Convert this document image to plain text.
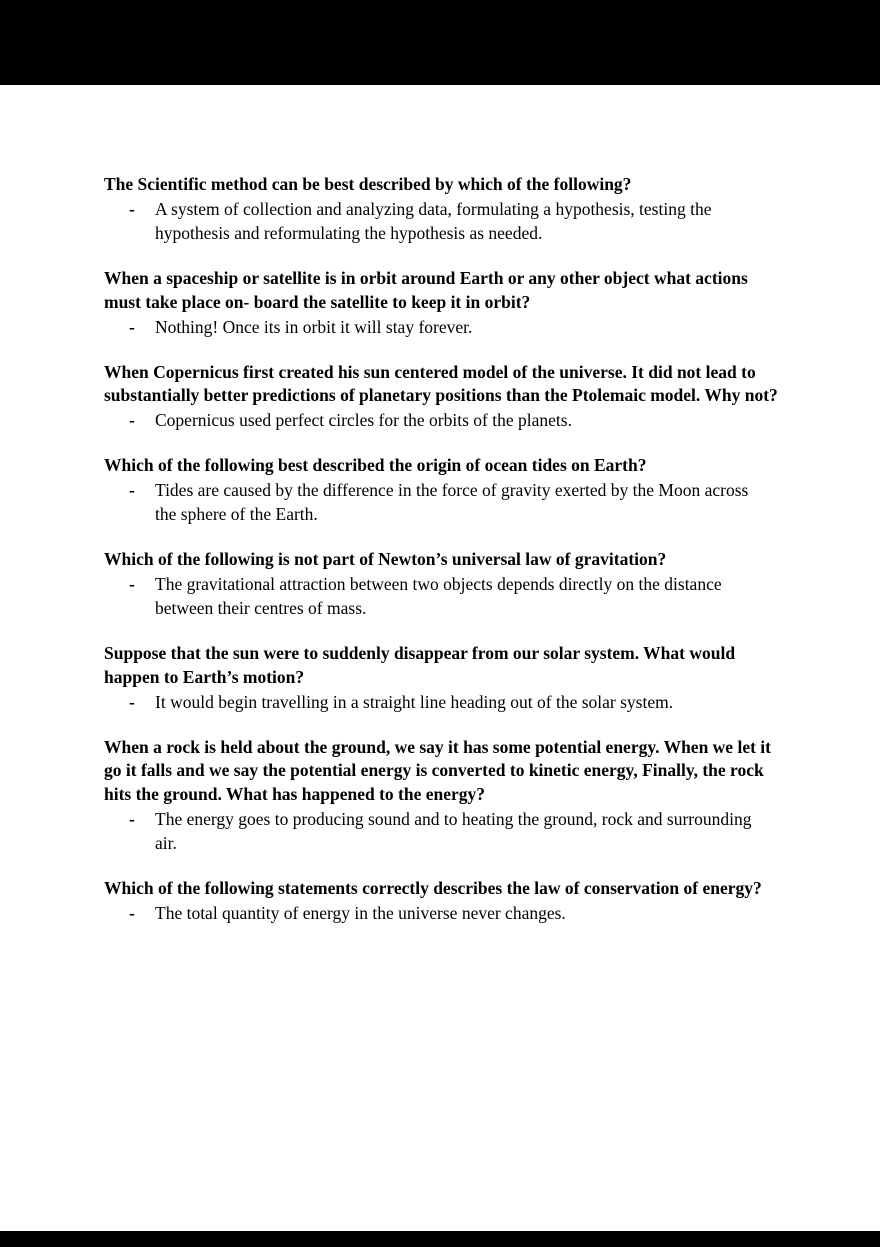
The Scientific method can be best described by which of the following?

-	A system of collection and analyzing data, formulating a hypothesis, testing the hypothesis and reformulating the hypothesis as needed.

When a spaceship or satellite is in orbit around Earth or any other object what actions must take place on- board the satellite to keep it in orbit?

-	Nothing! Once its in orbit it will stay forever.

When Copernicus first created his sun centered model of the universe. It did not lead to substantially better predictions of planetary positions than the Ptolemaic model. Why not?

-	Copernicus used perfect circles for the orbits of the planets.

Which of the following best described the origin of ocean tides on Earth?

-	Tides are caused by the difference in the force of gravity exerted by the Moon across the sphere of the Earth.

Which of the following is not part of Newton’s universal law of gravitation?

-	The gravitational attraction between two objects depends directly on the distance between their centres of mass.

Suppose that the sun were to suddenly disappear from our solar system. What would happen to Earth’s motion?

-	It would begin travelling in a straight line heading out of the solar system.

When a rock is held about the ground, we say it has some potential energy. When we let it go it falls and we say the potential energy is converted to kinetic energy, Finally, the rock hits the ground. What has happened to the energy?

-	The energy goes to producing sound and to heating the ground, rock and surrounding air.

Which of the following statements correctly describes the law of conservation of energy?

-	The total quantity of energy in the universe never changes.
